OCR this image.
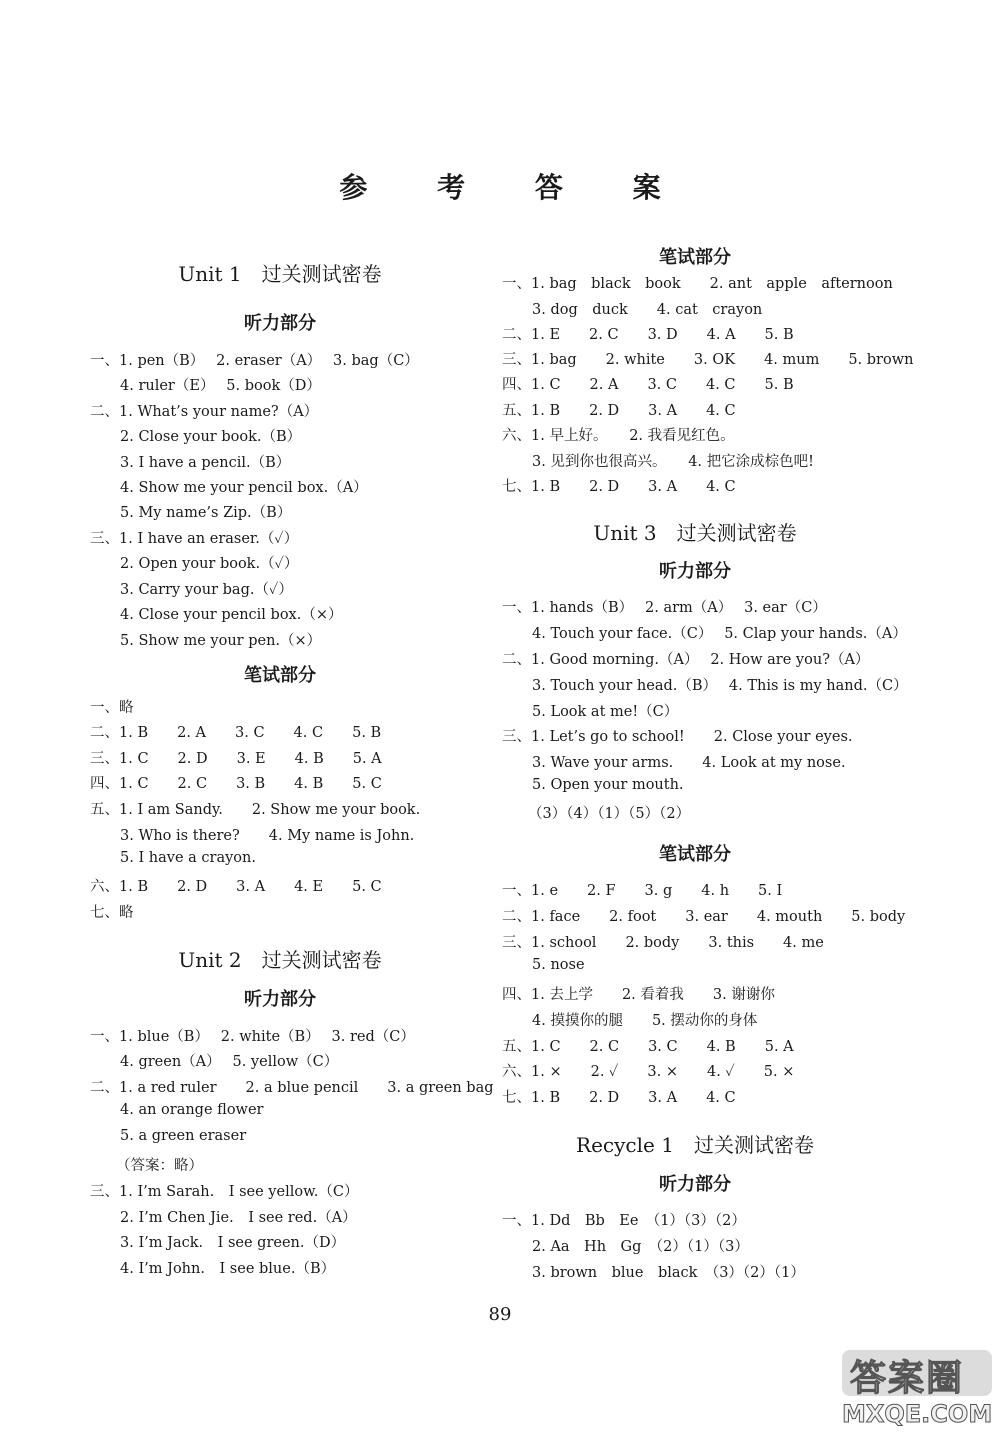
参 考 答 案
Unit 1　过关测试密卷
听力部分
一、1. pen（B）　 2. eraser（A）　 3. bag（C）
4. ruler（E）　 5. book（D）
二、1. What’s your name?（A）
2. Close your book.（B）
3. I have a pencil.（B）
4. Show me your pencil box.（A）
5. My name’s Zip.（B）
三、1. I have an eraser.（✓）
2. Open your book.（✓）
3. Carry your bag.（✓）
4. Close your pencil box.（×）
5. Show me your pen.（×）
笔试部分
一、略
二、1. B　　2. A　　3. C　　4. C　　5. B
三、1. C　　2. D　　3. E　　4. B　　5. A
四、1. C　　2. C　　3. B　　4. B　　5. C
五、1. I am Sandy.　　2. Show me your book.
3. Who is there?　　4. My name is John.
5. I have a crayon.
六、1. B　　2. D　　3. A　　4. E　　5. C
七、略
Unit 2　过关测试密卷
听力部分
一、1. blue（B）　 2. white（B）　 3. red（C）
4. green（A）　 5. yellow（C）
二、1. a red ruler　　2. a blue pencil　　3. a green bag
4. an orange flower
5. a green eraser
（答案：略）
三、1. I’m Sarah.　I see yellow.（C）
2. I’m Chen Jie.　I see red.（A）
3. I’m Jack.　I see green.（D）
4. I’m John.　I see blue.（B）
笔试部分
一、1. bag　black　book　　2. ant　apple　afternoon
3. dog　duck　　4. cat　crayon
二、1. E　　2. C　　3. D　　4. A　　5. B
三、1. bag　　2. white　　3. OK　　4. mum　　5. brown
四、1. C　　2. A　　3. C　　4. C　　5. B
五、1. B　　2. D　　3. A　　4. C
六、1. 早上好。　　2. 我看见红色。
3. 见到你也很高兴。　　4. 把它涂成棕色吧!
七、1. B　　2. D　　3. A　　4. C
Unit 3　过关测试密卷
听力部分
一、1. hands（B）　 2. arm（A）　 3. ear（C）
4. Touch your face.（C）　 5. Clap your hands.（A）
二、1. Good morning.（A）　 2. How are you?（A）
3. Touch your head.（B）　 4. This is my hand.（C）
5. Look at me!（C）
三、1. Let’s go to school!　　2. Close your eyes.
3. Wave your arms.　　4. Look at my nose.
5. Open your mouth.
（3）（4）（1）（5）（2）
笔试部分
一、1. e　　2. F　　3. g　　4. h　　5. I
二、1. face　　2. foot　　3. ear　　4. mouth　　5. body
三、1. school　　2. body　　3. this　　4. me
5. nose
四、1. 去上学　　2. 看着我　　3. 谢谢你
4. 摸摸你的腿　　5. 摆动你的身体
五、1. C　　2. C　　3. C　　4. B　　5. A
六、1. ×　　2. ✓　　3. ×　　4. ✓　　5. ×
七、1. B　　2. D　　3. A　　4. C
Recycle 1　过关测试密卷
听力部分
一、1. Dd　Bb　Ee　（1）（3）（2）
2. Aa　Hh　Gg　（2）（1）（3）
3. brown　blue　black　（3）（2）（1）
89
答案圈
MXQE.COM
